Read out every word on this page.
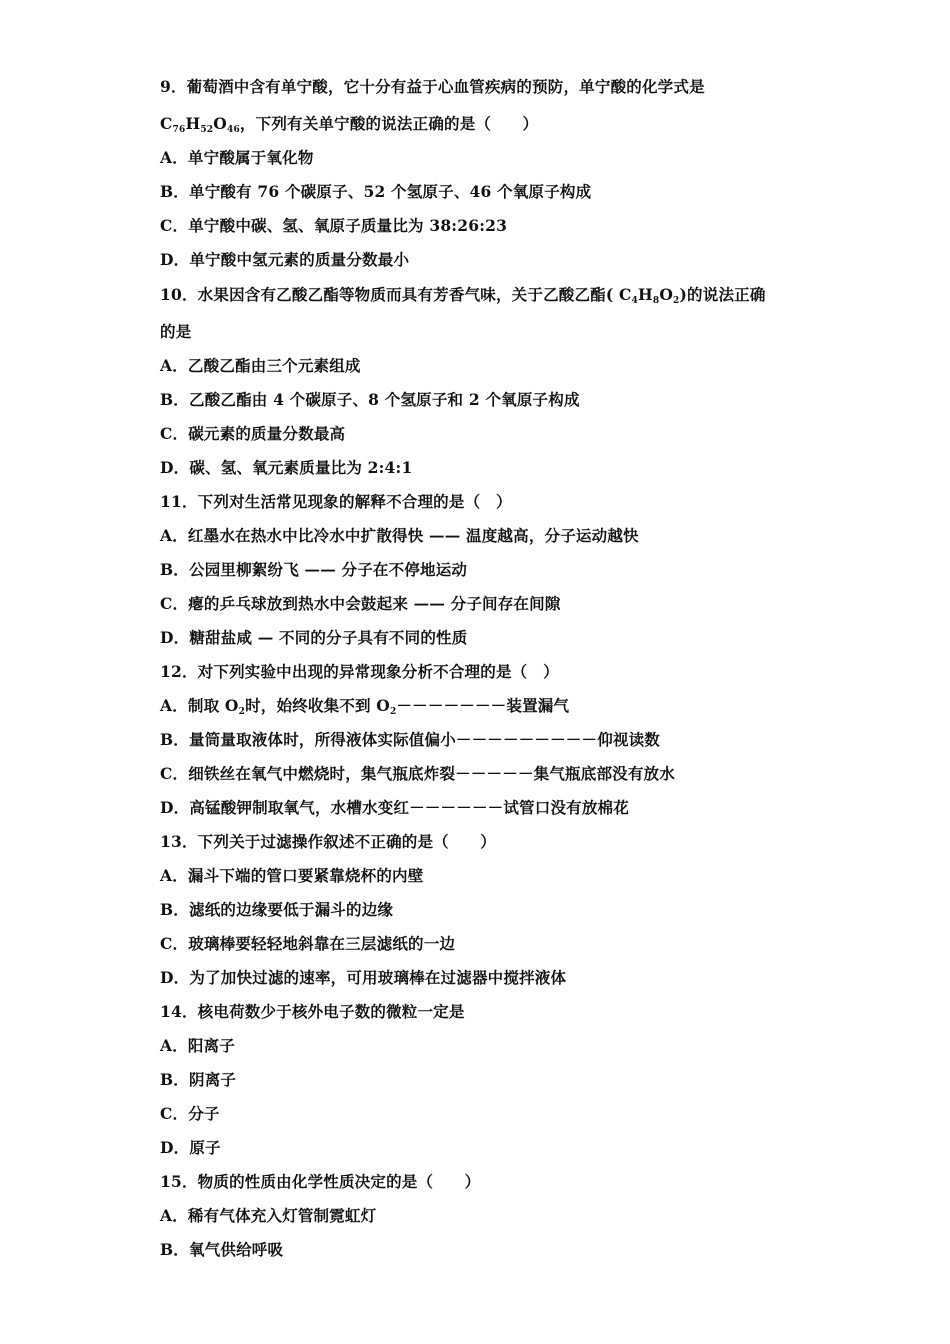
9．葡萄酒中含有单宁酸，它十分有益于心血管疾病的预防，单宁酸的化学式是
$C_{76}H_{52}O_{46}$，下列有关单宁酸的说法正确的是（　　）
A．单宁酸属于氧化物
B．单宁酸有 76 个碳原子、52 个氢原子、46 个氧原子构成
C．单宁酸中碳、氢、氧原子质量比为 38:26:23
D．单宁酸中氢元素的质量分数最小
10．水果因含有乙酸乙酯等物质而具有芳香气味，关于乙酸乙酯( $C_4H_8O_2$)的说法正确
的是
A．乙酸乙酯由三个元素组成
B．乙酸乙酯由 4 个碳原子、8 个氢原子和 2 个氧原子构成
C．碳元素的质量分数最高
D．碳、氢、氧元素质量比为 2:4:1
11．下列对生活常见现象的解释不合理的是（　）
A．红墨水在热水中比冷水中扩散得快 —— 温度越高，分子运动越快
B．公园里柳絮纷飞 —— 分子在不停地运动
C．瘪的乒乓球放到热水中会鼓起来 —— 分子间存在间隙
D．糖甜盐咸 — 不同的分子具有不同的性质
12．对下列实验中出现的异常现象分析不合理的是（　）
A．制取 $O_2$时，始终收集不到 $O_2-------$装置漏气
B．量筒量取液体时，所得液体实际值偏小－－－－－－－－－仰视读数
C．细铁丝在氧气中燃烧时，集气瓶底炸裂－－－－－集气瓶底部没有放水
D．高锰酸钾制取氧气，水槽水变红－－－－－－试管口没有放棉花
13．下列关于过滤操作叙述不正确的是（　　）
A．漏斗下端的管口要紧靠烧杯的内壁
B．滤纸的边缘要低于漏斗的边缘
C．玻璃棒要轻轻地斜靠在三层滤纸的一边
D．为了加快过滤的速率，可用玻璃棒在过滤器中搅拌液体
14．核电荷数少于核外电子数的微粒一定是
A．阳离子
B．阴离子
C．分子
D．原子
15．物质的性质由化学性质决定的是（　　）
A．稀有气体充入灯管制霓虹灯
B．氧气供给呼吸
